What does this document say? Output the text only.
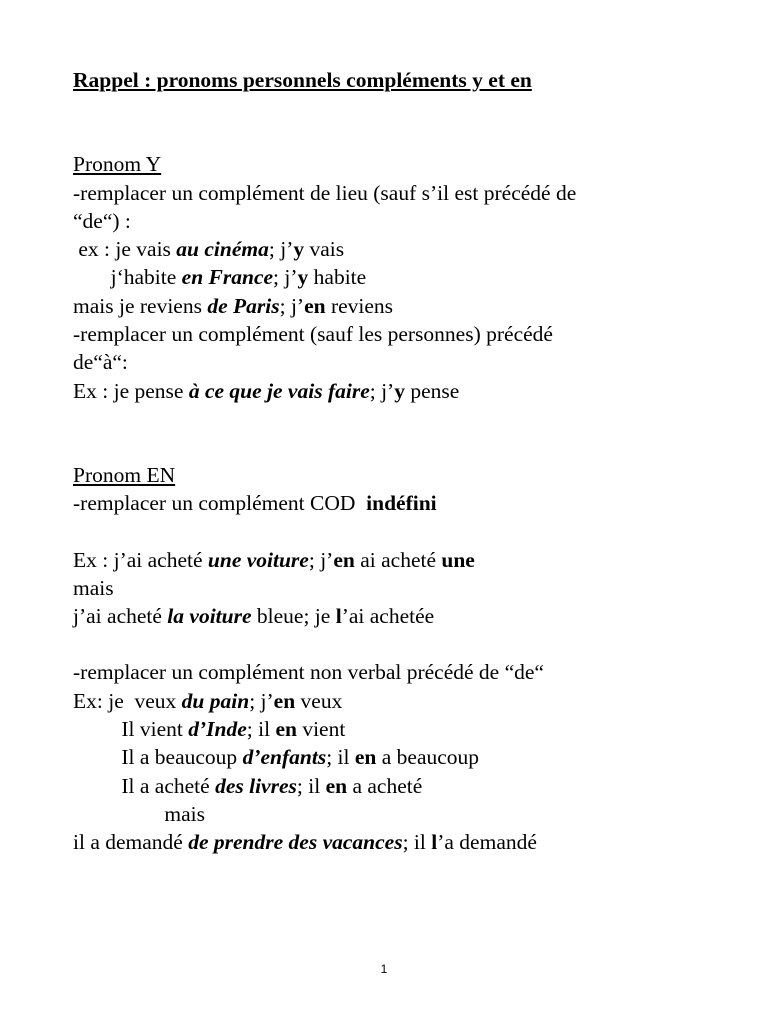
Rappel : pronoms personnels compléments y et en
Pronom Y
-remplacer un complément de lieu (sauf s’il est précédé de
“de“) :
ex : je vais au cinéma; j’y vais
j‘habite en France; j’y habite
mais je reviens de Paris; j’en reviens
-remplacer un complément (sauf les personnes) précédé
de“à“:
Ex : je pense à ce que je vais faire; j’y pense
Pronom EN
-remplacer un complément COD  indéfini
Ex : j’ai acheté une voiture; j’en ai acheté une
mais
j’ai acheté la voiture bleue; je l’ai achetée
-remplacer un complément non verbal précédé de “de“
Ex: je  veux du pain; j’en veux
Il vient d’Inde; il en vient
Il a beaucoup d’enfants; il en a beaucoup
Il a acheté des livres; il en a acheté
mais
il a demandé de prendre des vacances; il l’a demandé
1
